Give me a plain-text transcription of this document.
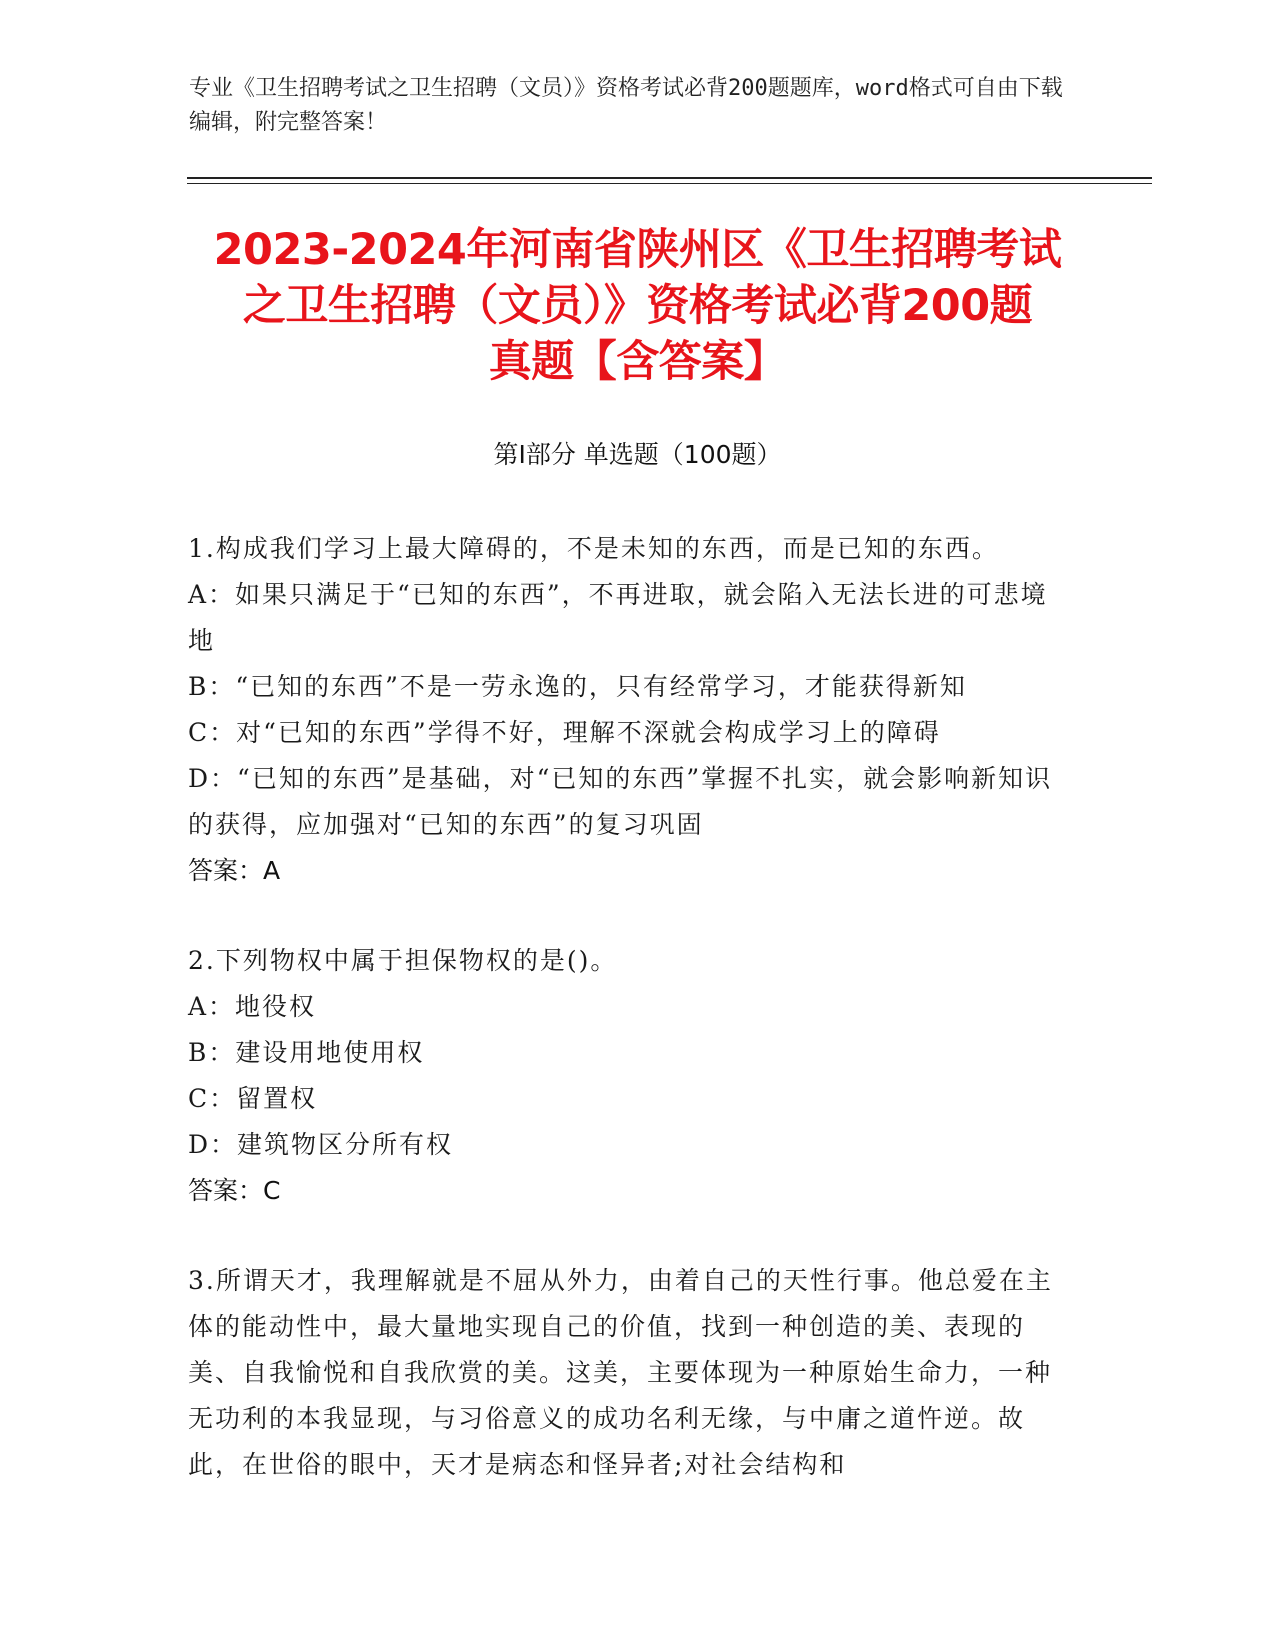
专业《卫生招聘考试之卫生招聘（文员）》资格考试必背200题题库，word格式可自由下载编辑，附完整答案！
2023-2024年河南省陕州区《卫生招聘考试
之卫生招聘（文员）》资格考试必背200题
真题【含答案】
第Ⅰ部分 单选题（100题）
1.构成我们学习上最大障碍的，不是未知的东西，而是已知的东西。
A：如果只满足于“已知的东西”，不再进取，就会陷入无法长进的可悲境地
B：“已知的东西”不是一劳永逸的，只有经常学习，才能获得新知
C：对“已知的东西”学得不好，理解不深就会构成学习上的障碍
D：“已知的东西”是基础，对“已知的东西”掌握不扎实，就会影响新知识的获得，应加强对“已知的东西”的复习巩固
答案：A
2.下列物权中属于担保物权的是()。
A：地役权
B：建设用地使用权
C：留置权
D：建筑物区分所有权
答案：C
3.所谓天才，我理解就是不屈从外力，由着自己的天性行事。他总爱在主体的能动性中，最大量地实现自己的价值，找到一种创造的美、表现的美、自我愉悦和自我欣赏的美。这美，主要体现为一种原始生命力，一种无功利的本我显现，与习俗意义的成功名利无缘，与中庸之道忤逆。故此，在世俗的眼中，天才是病态和怪异者;对社会结构和
